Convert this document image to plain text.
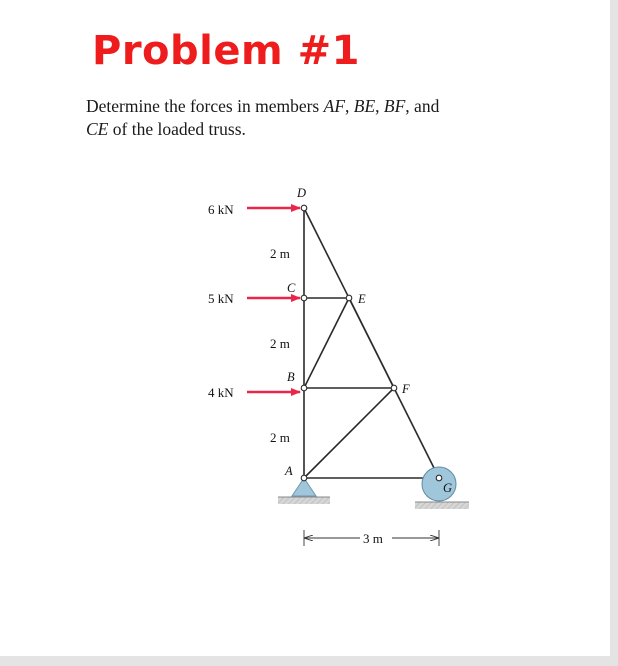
Problem #1

Determine the forces in members AF, BE, BF, and
CE of the loaded truss.

6 kN
5 kN
4 kN
D
C
B
A
E
F
G
2 m
2 m
2 m
3 m
